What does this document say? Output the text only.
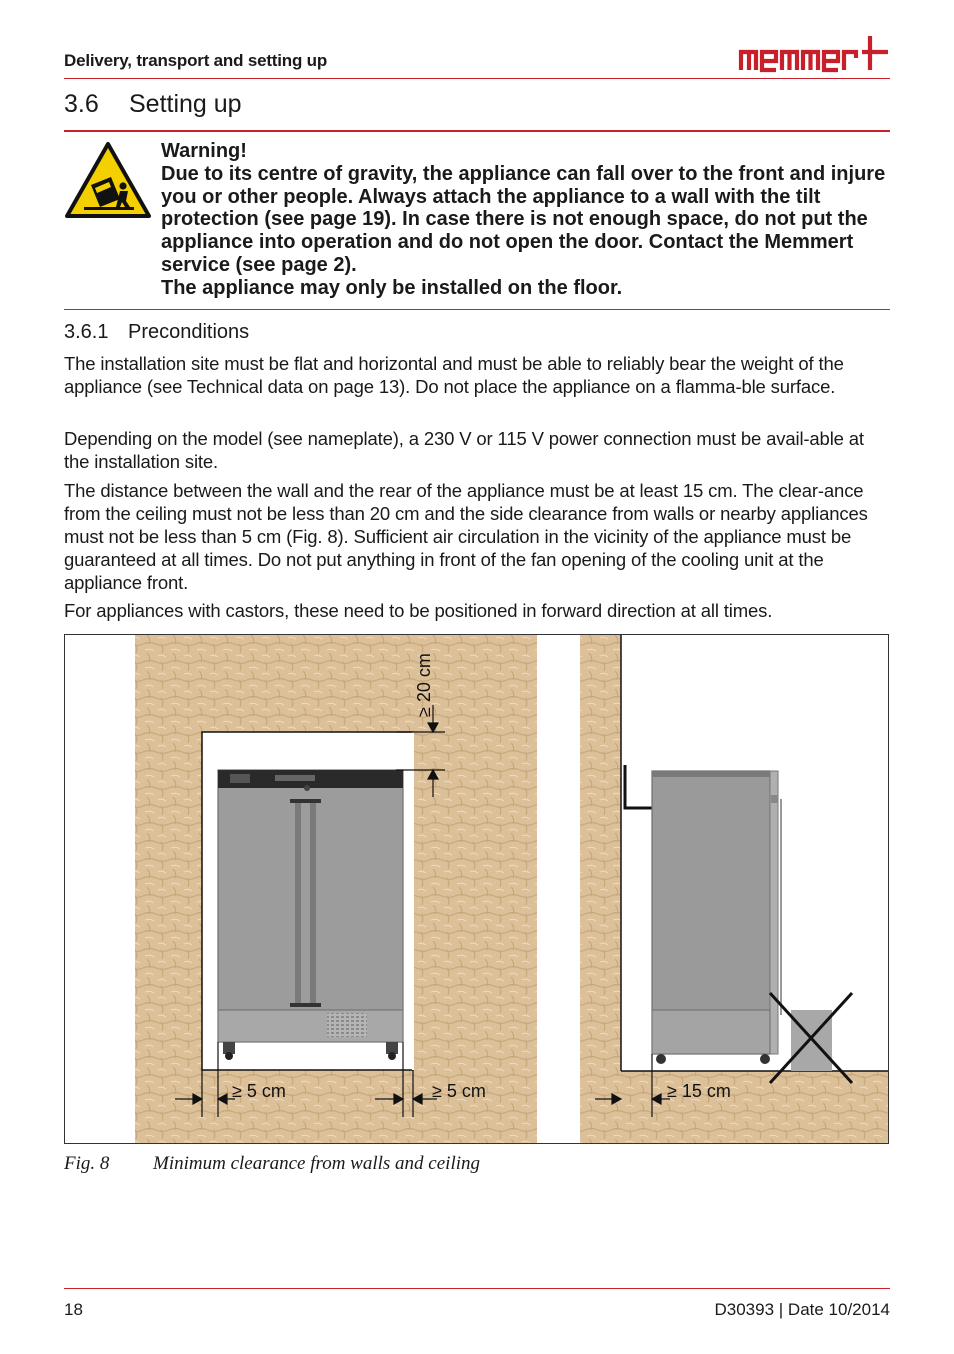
Delivery, transport and setting up
3.6 Setting up

Warning!

Due to its centre of gravity, the appliance can fall over to the front and injure you or other people. Always attach the appliance to a wall with the tilt protection (see page 19). In case there is not enough space, do not put the appliance into operation and do not open the door. Contact the Memmert service (see page 2).

The appliance may only be installed on the floor.

3.6.1 Preconditions

The installation site must be flat and horizontal and must be able to reliably bear the weight of the appliance (see Technical data on page 13). Do not place the appliance on a flamma-ble surface.

Depending on the model (see nameplate), a 230 V or 115 V power connection must be avail-able at the installation site.

The distance between the wall and the rear of the appliance must be at least 15 cm. The clear-ance from the ceiling must not be less than 20 cm and the side clearance from walls or nearby appliances must not be less than 5 cm (Fig. 8). Sufficient air circulation in the vicinity of the appliance must be guaranteed at all times. Do not put anything in front of the fan opening of the cooling unit at the appliance front.

For appliances with castors, these need to be positioned in forward direction at all times.

≥ 20 cm
≥ 5 cm	≥ 5 cm	≥ 15 cm
Fig. 8 Minimum clearance from walls and ceiling
18	D30393 | Date 10/2014
